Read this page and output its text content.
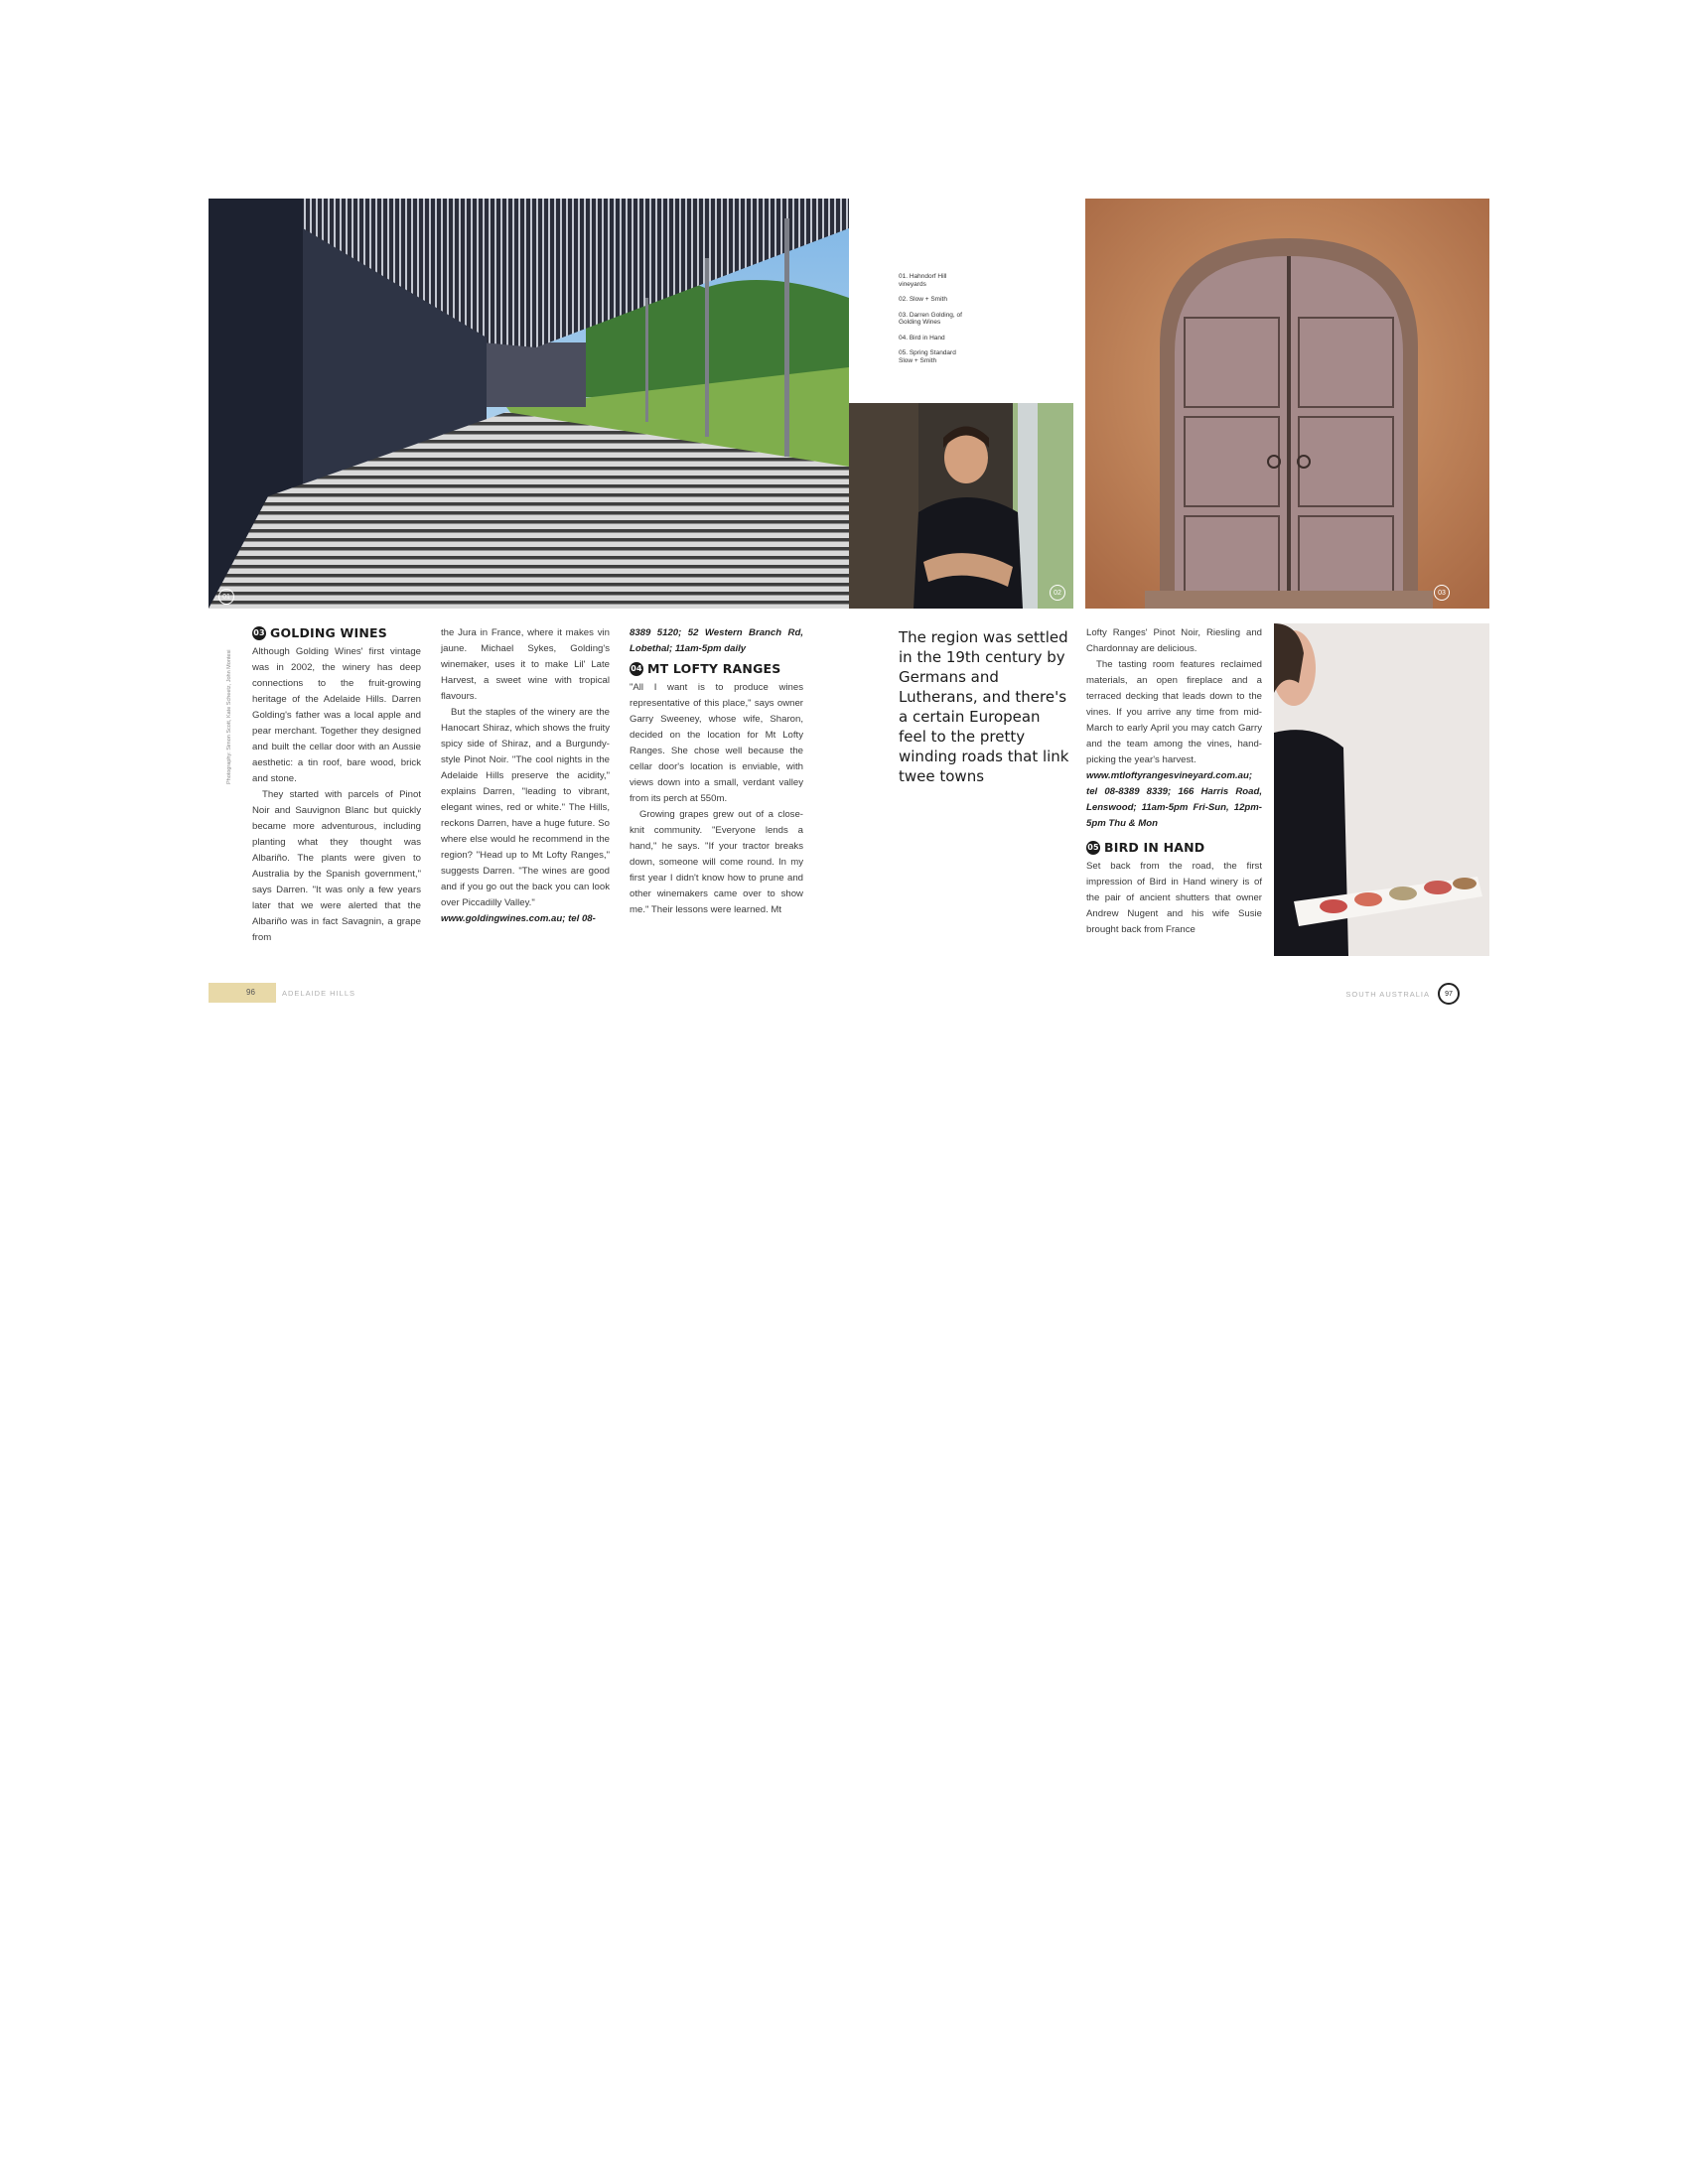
01
02	03
01. Hahndorf Hill
vineyards
02. Slow + Smith
03. Darren Golding, of
Golding Wines
04. Bird in Hand
05. Spring Standard
Slow + Smith
Photography: Simon Scott, Kate Scheetz, John Montesi
03 GOLDING WINES

Although Golding Wines' first vintage was in 2002, the winery has deep connections to the fruit-growing heritage of the Adelaide Hills. Darren Golding's father was a local apple and pear merchant. Together they designed and built the cellar door with an Aussie aesthetic: a tin roof, bare wood, brick and stone.

They started with parcels of Pinot Noir and Sauvignon Blanc but quickly became more adventurous, including planting what they thought was Albariño. The plants were given to Australia by the Spanish government," says Darren. "It was only a few years later that we were alerted that the Albariño was in fact Savagnin, a grape from

the Jura in France, where it makes vin jaune. Michael Sykes, Golding's winemaker, uses it to make Lil' Late Harvest, a sweet wine with tropical flavours.

But the staples of the winery are the Hanocart Shiraz, which shows the fruity spicy side of Shiraz, and a Burgundy-style Pinot Noir. "The cool nights in the Adelaide Hills preserve the acidity," explains Darren, "leading to vibrant, elegant wines, red or white." The Hills, reckons Darren, have a huge future. So where else would he recommend in the region? "Head up to Mt Lofty Ranges," suggests Darren. "The wines are good and if you go out the back you can look over Piccadilly Valley."

www.goldingwines.com.au; tel 08-

8389 5120; 52 Western Branch Rd, Lobethal; 11am-5pm daily

04 MT LOFTY RANGES

"All I want is to produce wines representative of this place," says owner Garry Sweeney, whose wife, Sharon, decided on the location for Mt Lofty Ranges. She chose well because the cellar door's location is enviable, with views down into a small, verdant valley from its perch at 550m.

Growing grapes grew out of a close-knit community. "Everyone lends a hand," he says. "If your tractor breaks down, someone will come round. In my first year I didn't know how to prune and other winemakers came over to show me." Their lessons were learned. Mt

The region was settled in the 19th century by Germans and Lutherans, and there's a certain European feel to the pretty winding roads that link twee towns

Lofty Ranges' Pinot Noir, Riesling and Chardonnay are delicious.

The tasting room features reclaimed materials, an open fireplace and a terraced decking that leads down to the vines. If you arrive any time from mid-March to early April you may catch Garry and the team among the vines, hand-picking the year's harvest.

www.mtloftyrangesvineyard.com.au; tel 08-8389 8339; 166 Harris Road, Lenswood; 11am-5pm Fri-Sun, 12pm-5pm Thu & Mon

05 BIRD IN HAND

Set back from the road, the first impression of Bird in Hand winery is of the pair of ancient shutters that owner Andrew Nugent and his wife Susie brought back from France

96	ADELAIDE HILLS	SOUTH AUSTRALIA	97
